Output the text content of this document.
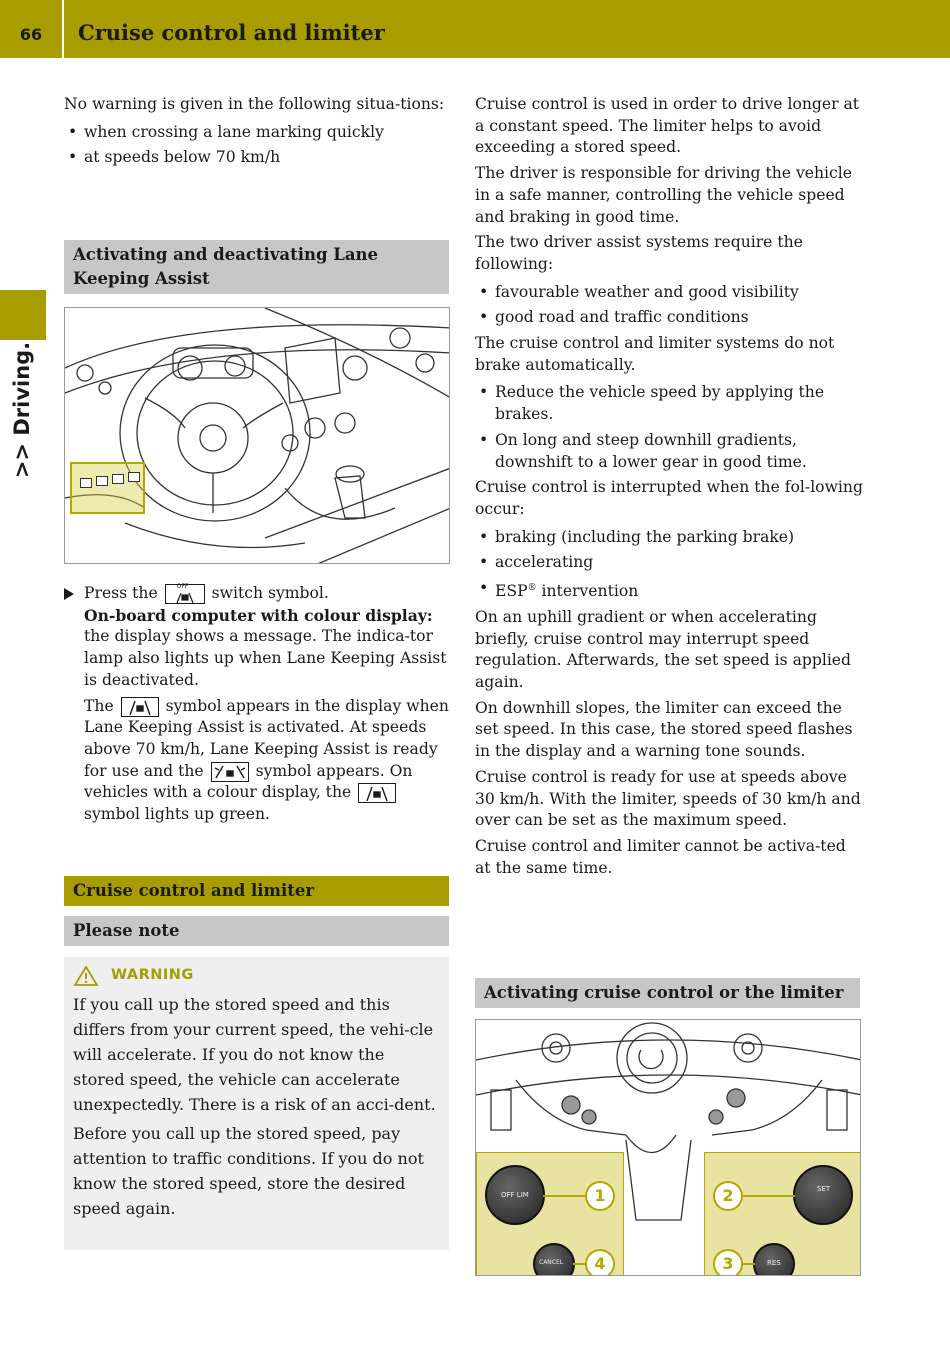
66	Cruise control and limiter
>> Driving.

No warning is given in the following situa-tions:

• when crossing a lane marking quickly
• at speeds below 70 km/h
Activating and deactivating Lane Keeping Assist
Press the	OFF switch symbol.
On-board computer with colour display:
the display shows a message. The indica-tor lamp also lights up when Lane Keeping Assist is deactivated.
The	symbol appears in the display when Lane Keeping Assist is activated. At speeds above 70 km/h, Lane Keeping Assist is ready for use and the	symbol appears. On vehicles with a colour display, the
symbol lights up green.
Cruise control and limiter
Please note
WARNING

If you call up the stored speed and this differs from your current speed, the vehi-cle will accelerate. If you do not know the stored speed, the vehicle can accelerate unexpectedly. There is a risk of an acci-dent.

Before you call up the stored speed, pay attention to traffic conditions. If you do not know the stored speed, store the desired speed again.

Cruise control is used in order to drive longer at a constant speed. The limiter helps to avoid exceeding a stored speed.

The driver is responsible for driving the vehicle in a safe manner, controlling the vehicle speed and braking in good time.

The two driver assist systems require the following:

• favourable weather and good visibility
• good road and traffic conditions

The cruise control and limiter systems do not brake automatically.

• Reduce the vehicle speed by applying the brakes.
• On long and steep downhill gradients, downshift to a lower gear in good time.

Cruise control is interrupted when the fol-lowing occur:

• braking (including the parking brake)
• accelerating
• ESP® intervention

On an uphill gradient or when accelerating briefly, cruise control may interrupt speed regulation. Afterwards, the set speed is applied again.

On downhill slopes, the limiter can exceed the set speed. In this case, the stored speed flashes in the display and a warning tone sounds.

Cruise control is ready for use at speeds above 30 km/h. With the limiter, speeds of 30 km/h and over can be set as the maximum speed.

Cruise control and limiter cannot be activa-ted at the same time.

Activating cruise control or the limiter
OFF LIM
CANCEL
1
4
SET
RES
2
3
